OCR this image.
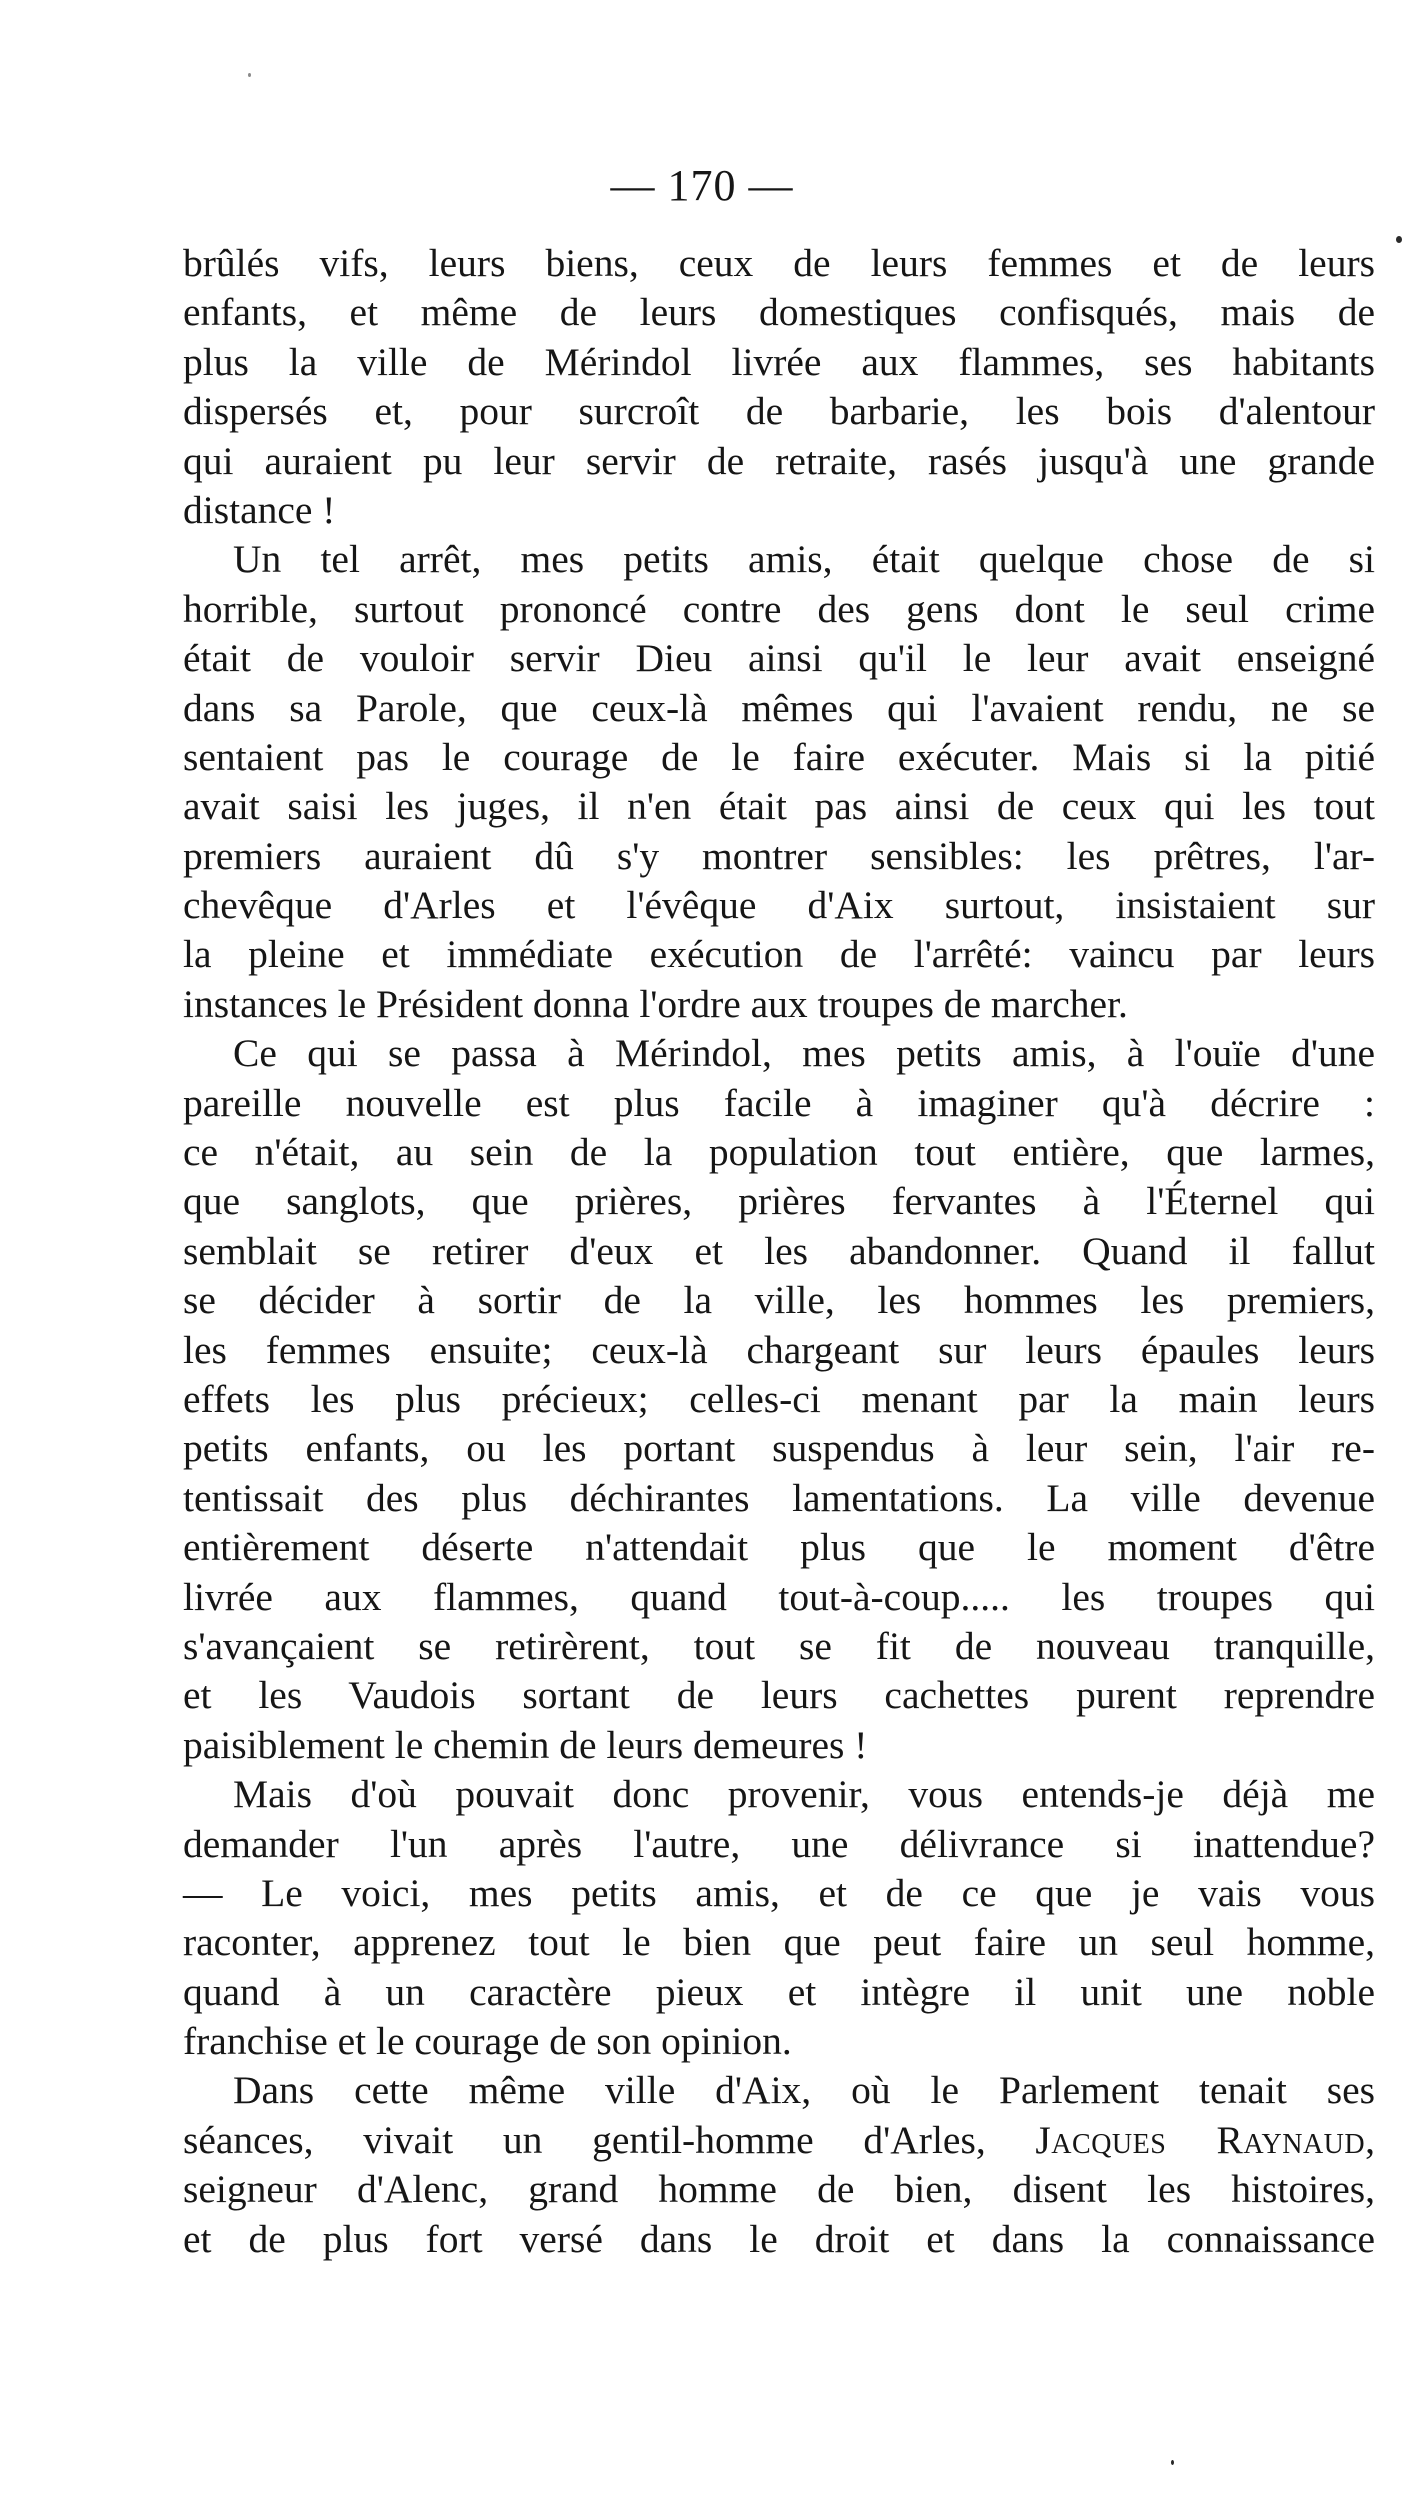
— 170 —
brûlés vifs, leurs biens, ceux de leurs femmes et de leurs
enfants, et même de leurs domestiques confisqués, mais de
plus la ville de Mérindol livrée aux flammes, ses habitants
dispersés et, pour surcroît de barbarie, les bois d'alentour
qui auraient pu leur servir de retraite, rasés jusqu'à une grande
distance !
Un tel arrêt, mes petits amis, était quelque chose de si
horrible, surtout prononcé contre des gens dont le seul crime
était de vouloir servir Dieu ainsi qu'il le leur avait enseigné
dans sa Parole, que ceux-là mêmes qui l'avaient rendu, ne se
sentaient pas le courage de le faire exécuter. Mais si la pitié
avait saisi les juges, il n'en était pas ainsi de ceux qui les tout
premiers auraient dû s'y montrer sensibles: les prêtres, l'ar-
chevêque d'Arles et l'évêque d'Aix surtout, insistaient sur
la pleine et immédiate exécution de l'arrêté: vaincu par leurs
instances le Président donna l'ordre aux troupes de marcher.
Ce qui se passa à Mérindol, mes petits amis, à l'ouïe d'une
pareille nouvelle est plus facile à imaginer qu'à décrire :
ce n'était, au sein de la population tout entière, que larmes,
que sanglots, que prières, prières fervantes à l'Éternel qui
semblait se retirer d'eux et les abandonner. Quand il fallut
se décider à sortir de la ville, les hommes les premiers,
les femmes ensuite; ceux-là chargeant sur leurs épaules leurs
effets les plus précieux; celles-ci menant par la main leurs
petits enfants, ou les portant suspendus à leur sein, l'air re-
tentissait des plus déchirantes lamentations. La ville devenue
entièrement déserte n'attendait plus que le moment d'être
livrée aux flammes, quand tout-à-coup..... les troupes qui
s'avançaient se retirèrent, tout se fit de nouveau tranquille,
et les Vaudois sortant de leurs cachettes purent reprendre
paisiblement le chemin de leurs demeures !
Mais d'où pouvait donc provenir, vous entends-je déjà me
demander l'un après l'autre, une délivrance si inattendue?
— Le voici, mes petits amis, et de ce que je vais vous
raconter, apprenez tout le bien que peut faire un seul homme,
quand à un caractère pieux et intègre il unit une noble
franchise et le courage de son opinion.
Dans cette même ville d'Aix, où le Parlement tenait ses
séances, vivait un gentil-homme d'Arles, Jacques Raynaud,
seigneur d'Alenc, grand homme de bien, disent les histoires,
et de plus fort versé dans le droit et dans la connaissance
